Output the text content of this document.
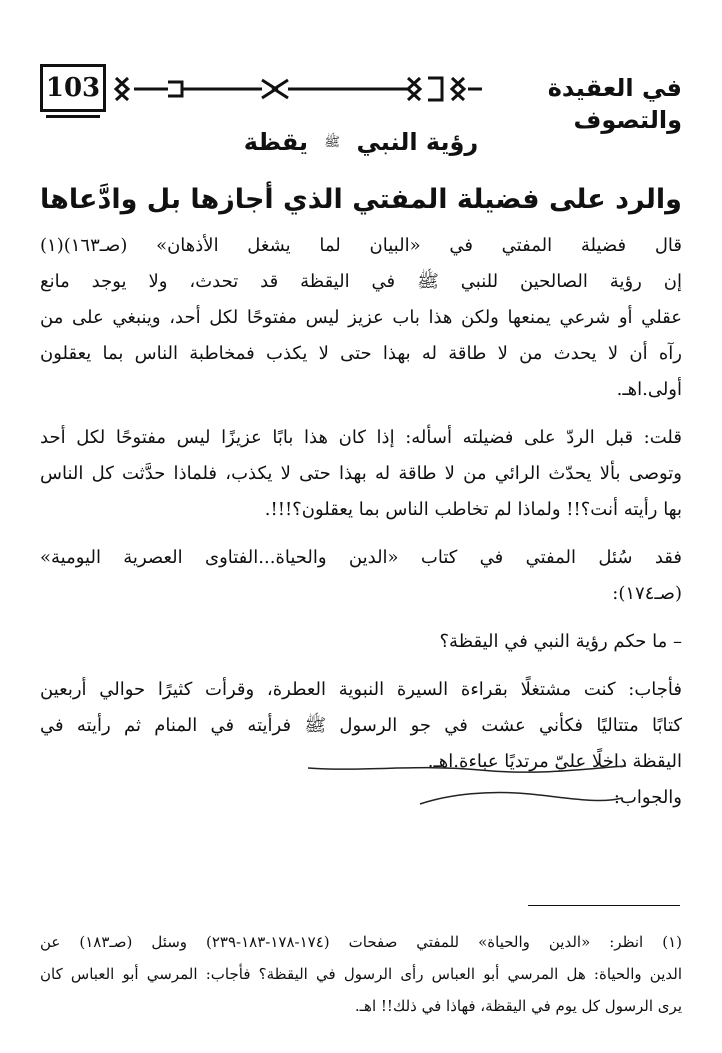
103	في العقيدة والتصوف
رؤية النبي ﷺ يقظة
والرد على فضيلة المفتي الذي أجازها بل وادَّعاها
قال فضيلة المفتي في «البيان لما يشغل الأذهان» (صـ١٦٣)(١)
إن رؤية الصالحين للنبي ﷺ في اليقظة قد تحدث، ولا يوجد مانع
عقلي أو شرعي يمنعها ولكن هذا باب عزيز ليس مفتوحًا لكل أحد، وينبغي على من
رآه أن لا يحدث من لا طاقة له بهذا حتى لا يكذب فمخاطبة الناس بما يعقلون
أولى.اهـ.
قلت: قبل الردّ على فضيلته أسأله: إذا كان هذا بابًا عزيزًا ليس مفتوحًا لكل أحد
وتوصى بألا يحدّث الرائي من لا طاقة له بهذا حتى لا يكذب، فلماذا حدَّثت كل الناس
بها رأيته أنت؟!! ولماذا لم تخاطب الناس بما يعقلون؟!!!.
فقد سُئل المفتي في كتاب «الدين والحياة...الفتاوى العصرية اليومية»
(صـ١٧٤):
– ما حكم رؤية النبي في اليقظة؟
فأجاب: كنت مشتغلًا بقراءة السيرة النبوية العطرة، وقرأت كثيرًا حوالي أربعين
كتابًا متتاليًا فكأني عشت في جو الرسول ﷺ فرأيته في المنام ثم رأيته في
اليقظة داخلًا عليّ مرتديًا عباءة.اهـ.
والجواب:
(١) انظر: «الدين والحياة» للمفتي صفحات (١٧٤-١٧٨-١٨٣-٢٣٩) وسئل (صـ١٨٣) عن
الدين والحياة: هل المرسي أبو العباس رأى الرسول في اليقظة؟ فأجاب: المرسي أبو العباس كان
يرى الرسول كل يوم في اليقظة، فهاذا في ذلك!! اهـ.
